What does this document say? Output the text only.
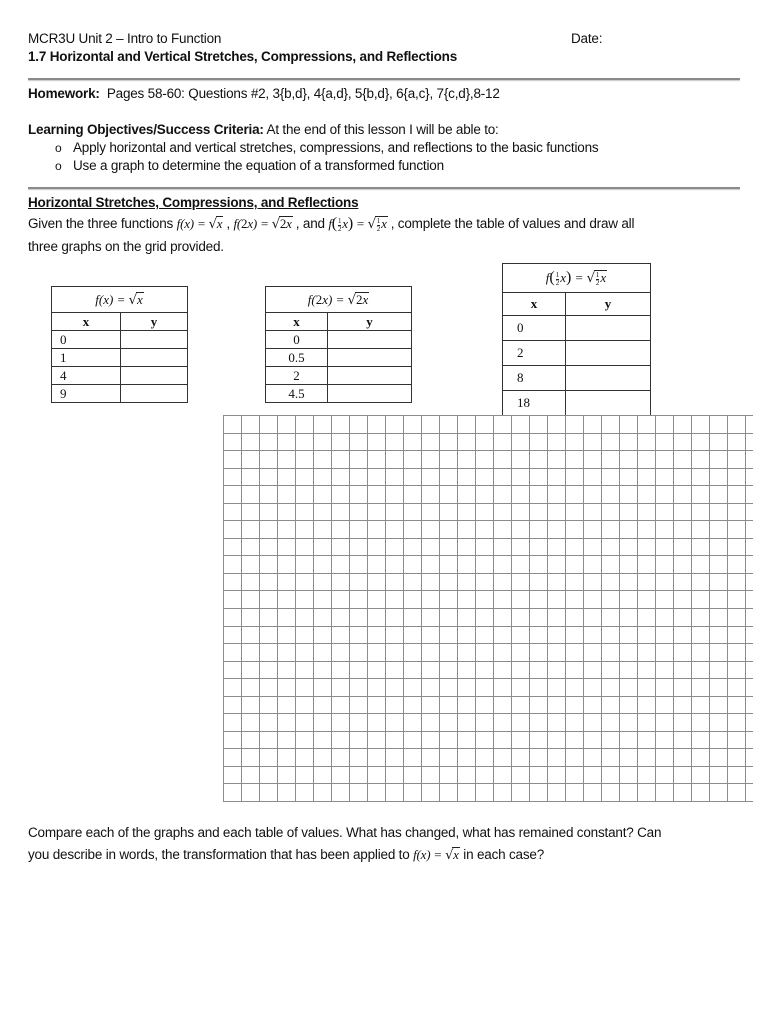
MCR3U Unit 2 – Intro to Function	Date:
1.7 Horizontal and Vertical Stretches, Compressions, and Reflections
Homework: Pages 58-60: Questions #2, 3{b,d}, 4{a,d}, 5{b,d}, 6{a,c}, 7{c,d},8-12
Learning Objectives/Success Criteria: At the end of this lesson I will be able to:
o Apply horizontal and vertical stretches, compressions, and reflections to the basic functions
o Use a graph to determine the equation of a transformed function
Horizontal Stretches, Compressions, and Reflections
Given the three functions f(x) = √x , f(2x) = √2x , and $f( \frac{1}{2} x)$ = √ $\frac{1}{2}$ x , complete the table of values and draw all
three graphs on the grid provided.
f(x) = √x	
x	y
0	
1	
4	
9	
f(2x) = √2x	
x	y
0	
0.5	
2	
4.5	
$f( \frac{1}{2} x)$ = √ $\frac{1}{2}$ x
x	y
0	
2	
8	
18	
Compare each of the graphs and each table of values. What has changed, what has remained constant? Can
you describe in words, the transformation that has been applied to f(x) = √x in each case?
